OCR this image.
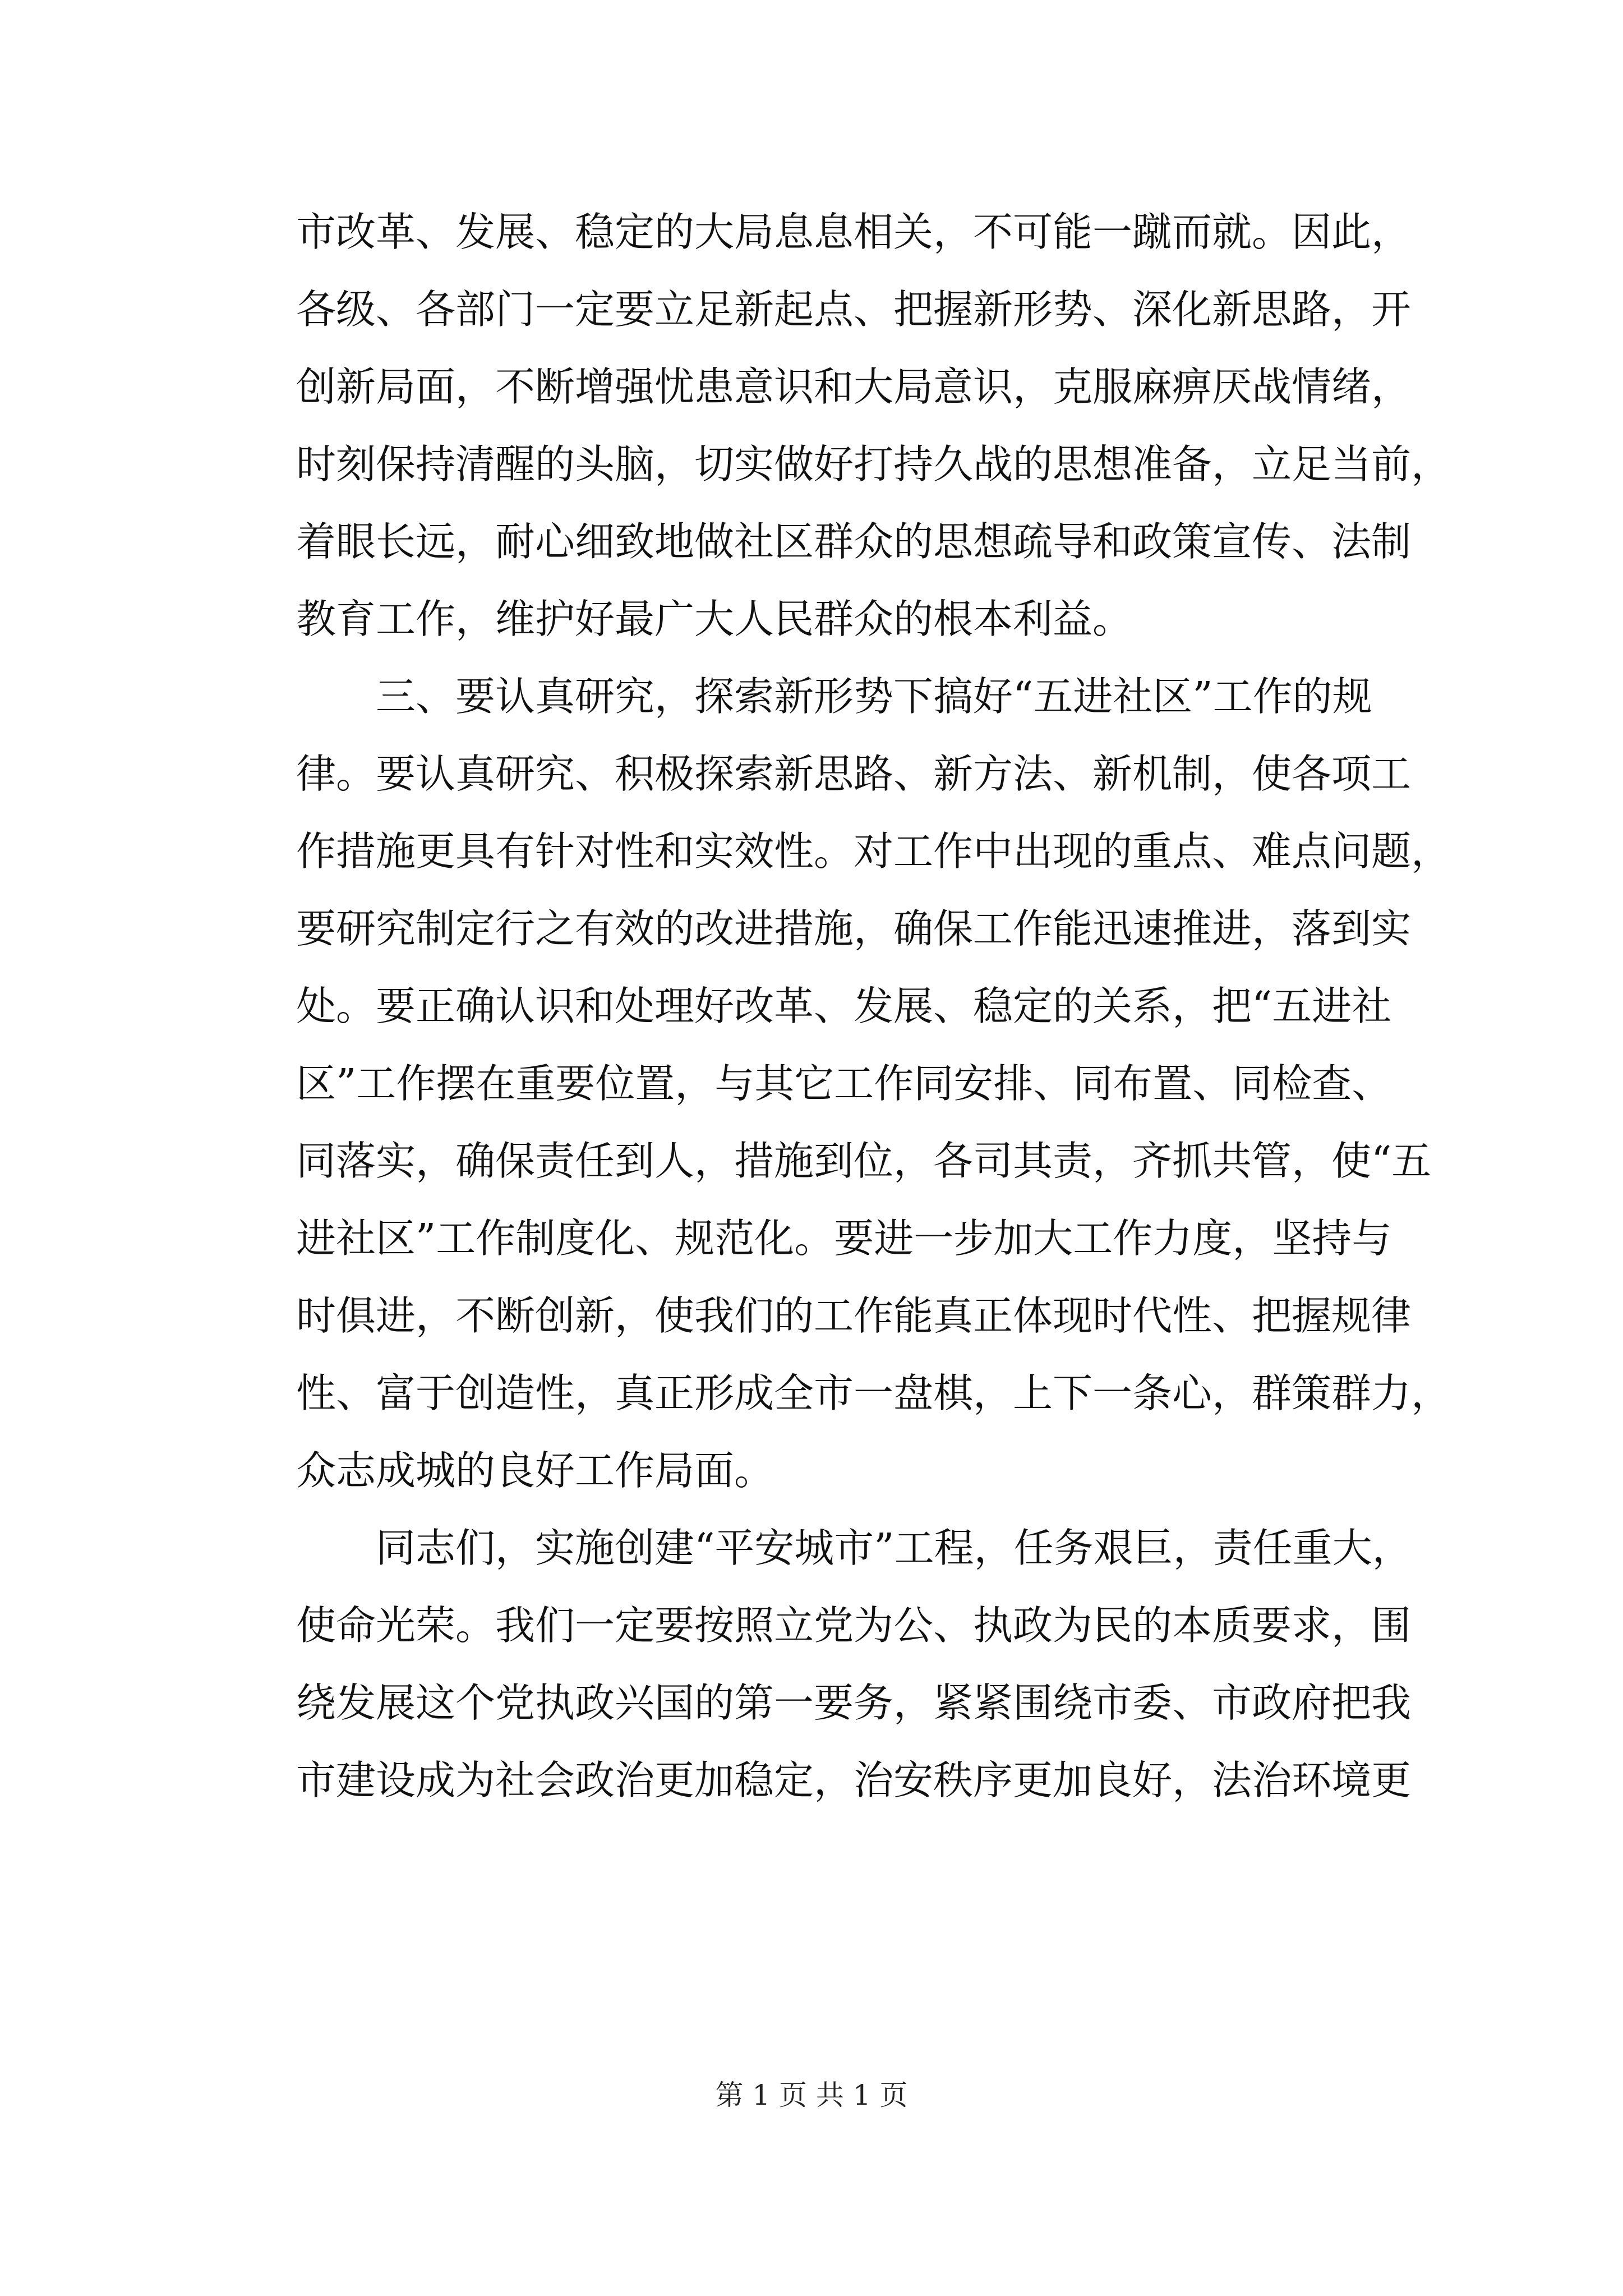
市改革、发展、稳定的大局息息相关，不可能一蹴而就。因此，
各级、各部门一定要立足新起点、把握新形势、深化新思路，开
创新局面，不断增强忧患意识和大局意识，克服麻痹厌战情绪，
时刻保持清醒的头脑，切实做好打持久战的思想准备，立足当前，
着眼长远，耐心细致地做社区群众的思想疏导和政策宣传、法制
教育工作，维护好最广大人民群众的根本利益。
三、要认真研究，探索新形势下搞好“五进社区”工作的规
律。要认真研究、积极探索新思路、新方法、新机制，使各项工
作措施更具有针对性和实效性。对工作中出现的重点、难点问题，
要研究制定行之有效的改进措施，确保工作能迅速推进，落到实
处。要正确认识和处理好改革、发展、稳定的关系，把“五进社
区”工作摆在重要位置，与其它工作同安排、同布置、同检查、
同落实，确保责任到人，措施到位，各司其责，齐抓共管，使“五
进社区”工作制度化、规范化。要进一步加大工作力度，坚持与
时俱进，不断创新，使我们的工作能真正体现时代性、把握规律
性、富于创造性，真正形成全市一盘棋，上下一条心，群策群力，
众志成城的良好工作局面。
同志们，实施创建“平安城市”工程，任务艰巨，责任重大，
使命光荣。我们一定要按照立党为公、执政为民的本质要求，围
绕发展这个党执政兴国的第一要务，紧紧围绕市委、市政府把我
市建设成为社会政治更加稳定，治安秩序更加良好，法治环境更
第 1 页 共 1 页
